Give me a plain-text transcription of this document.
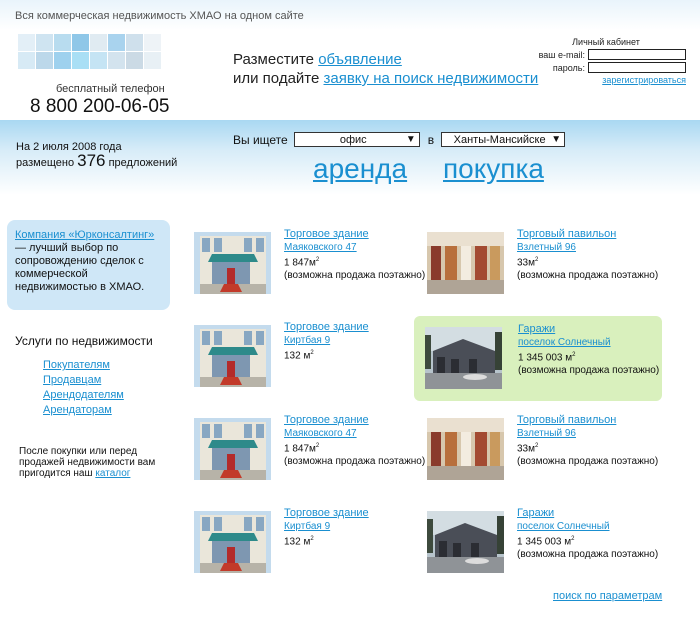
Вся коммерческая недвижимость ХМАО на одном сайте
бесплатный телефон
8 800 200-06-05
Разместите объявление
или подайте заявку на поиск недвижимости
Личный кабинет
ваш e-mail:
пароль:
зарегистрироваться
На 2 июля 2008 года
размещено 376 предложений
Вы ищете	офис	▼ в	Ханты-Мансийске ▼
аренда покупка
Компания «Юрконсалтинг» — лучший выбор по сопровождению сделок с коммерческой недвижимостью в ХМАО.
Услуги по недвижимости
Покупателям
Продавцам
Арендодателям
Арендаторам
После покупки или перед продажей недвижимости вам пригодится наш каталог
Торговое здание
Маяковского 47
1 $847м^2$
(возможна продажа поэтажно)
Торговый павильон
Взлетный 96
$33м^2$
(возможна продажа поэтажно)
Торговое здание
Киртбая 9
132 $м^2$
Гаражи
поселок Солнечный
1 345 003 $м^2$
(возможна продажа поэтажно)
Торговое здание
Маяковского 47
1 $847м^2$
(возможна продажа поэтажно)
Торговый павильон
Взлетный 96
$33м^2$
(возможна продажа поэтажно)
Торговое здание
Киртбая 9
132 $м^2$
Гаражи
поселок Солнечный
1 345 003 $м^2$
(возможна продажа поэтажно)
поиск по параметрам
